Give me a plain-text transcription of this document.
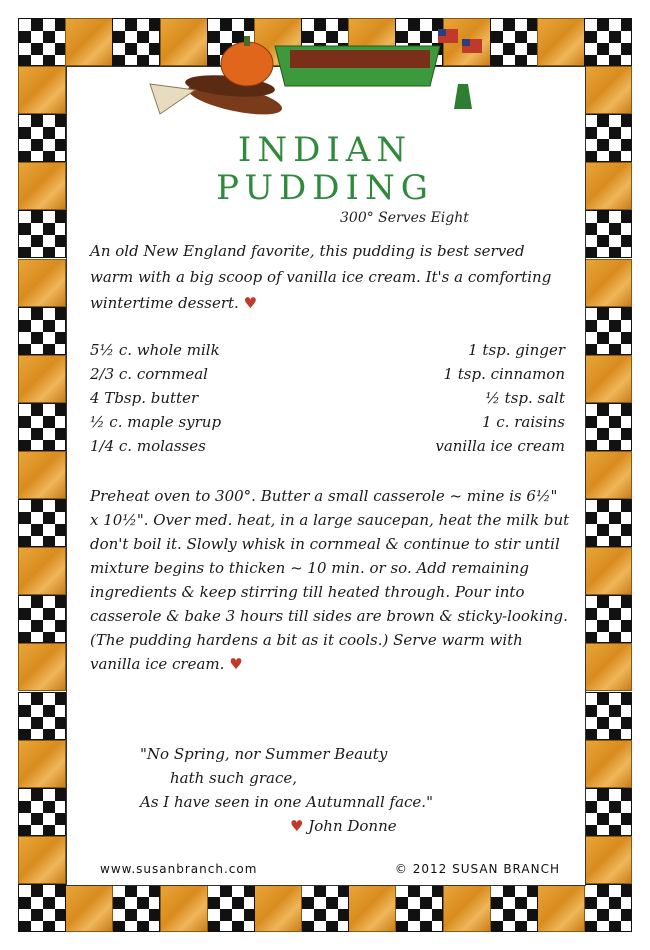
INDIAN
PUDDING
300° Serves Eight
An old New England favorite, this pudding is best served warm with a big scoop of vanilla ice cream. It's a comforting wintertime dessert. ♥
5½ c. whole milk
2/3 c. cornmeal
4 Tbsp. butter
½ c. maple syrup
1/4 c. molasses
1 tsp. ginger
1 tsp. cinnamon
½ tsp. salt
1 c. raisins
vanilla ice cream
Preheat oven to 300°. Butter a small casserole ~ mine is 6½" x 10½". Over med. heat, in a large saucepan, heat the milk but don't boil it. Slowly whisk in cornmeal & continue to stir until mixture begins to thicken ~ 10 min. or so. Add remaining ingredients & keep stirring till heated through. Pour into casserole & bake 3 hours till sides are brown & sticky-looking. (The pudding hardens a bit as it cools.) Serve warm with vanilla ice cream. ♥
"No Spring, nor Summer Beauty
hath such grace,
As I have seen in one Autumnall face."
♥ John Donne
www.susanbranch.com	© 2012 SUSAN BRANCH
